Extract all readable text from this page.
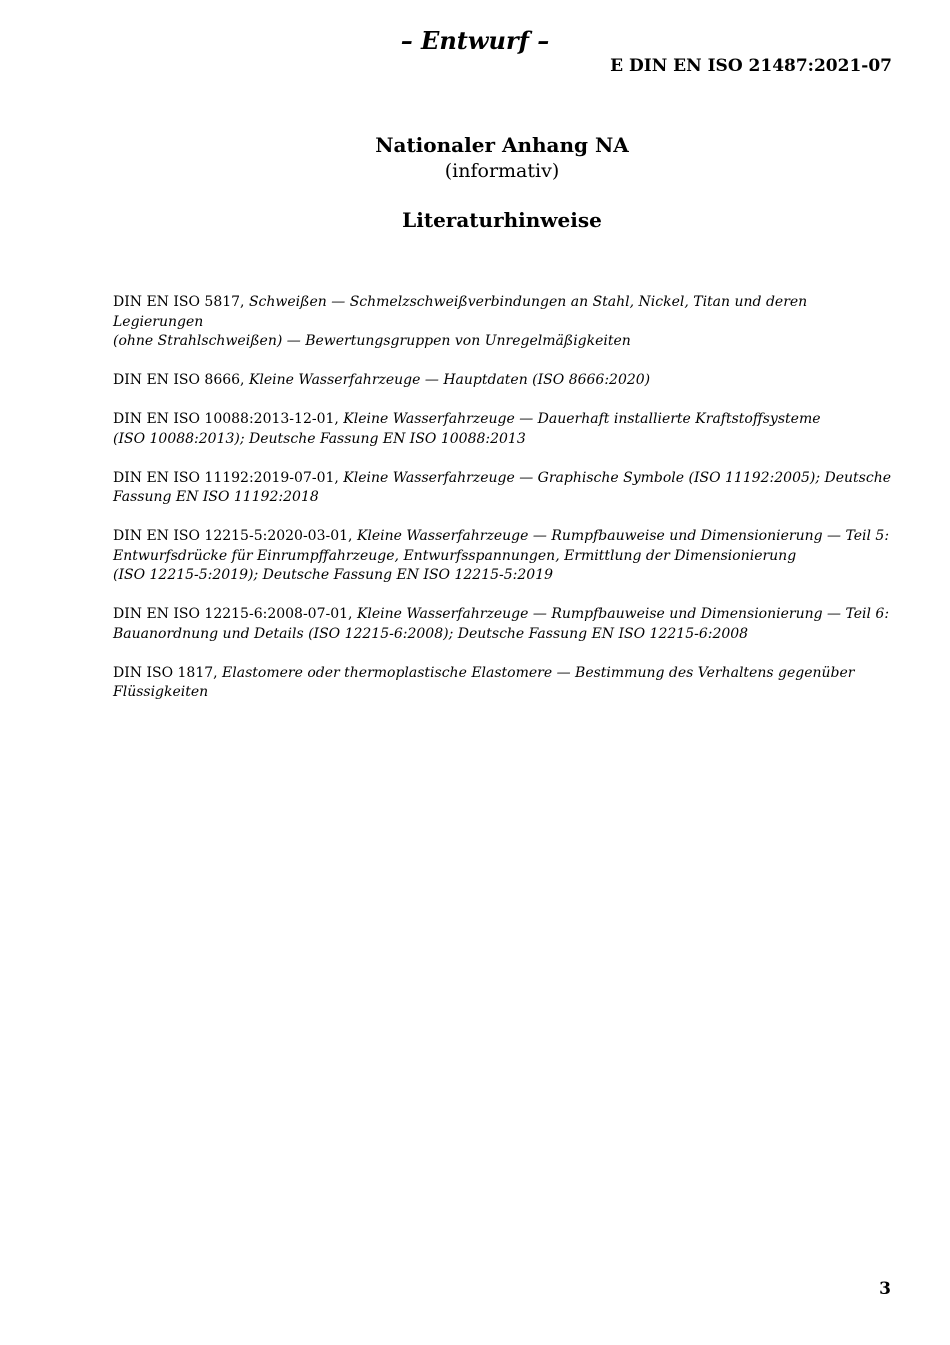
– Entwurf –
E DIN EN ISO 21487:2021-07
Nationaler Anhang NA
(informativ)
Literaturhinweise

DIN EN ISO 5817, Schweißen — Schmelzschweißverbindungen an Stahl, Nickel, Titan und deren Legierungen
(ohne Strahlschweißen) — Bewertungsgruppen von Unregelmäßigkeiten

DIN EN ISO 8666, Kleine Wasserfahrzeuge — Hauptdaten (ISO 8666:2020)

DIN EN ISO 10088:2013-12-01, Kleine Wasserfahrzeuge — Dauerhaft installierte Kraftstoffsysteme
(ISO 10088:2013); Deutsche Fassung EN ISO 10088:2013

DIN EN ISO 11192:2019-07-01, Kleine Wasserfahrzeuge — Graphische Symbole (ISO 11192:2005); Deutsche
Fassung EN ISO 11192:2018

DIN EN ISO 12215-5:2020-03-01, Kleine Wasserfahrzeuge — Rumpfbauweise und Dimensionierung — Teil 5:
Entwurfsdrücke für Einrumpffahrzeuge, Entwurfsspannungen, Ermittlung der Dimensionierung
(ISO 12215-5:2019); Deutsche Fassung EN ISO 12215-5:2019

DIN EN ISO 12215-6:2008-07-01, Kleine Wasserfahrzeuge — Rumpfbauweise und Dimensionierung — Teil 6:
Bauanordnung und Details (ISO 12215-6:2008); Deutsche Fassung EN ISO 12215-6:2008

DIN ISO 1817, Elastomere oder thermoplastische Elastomere — Bestimmung des Verhaltens gegenüber
Flüssigkeiten

3
